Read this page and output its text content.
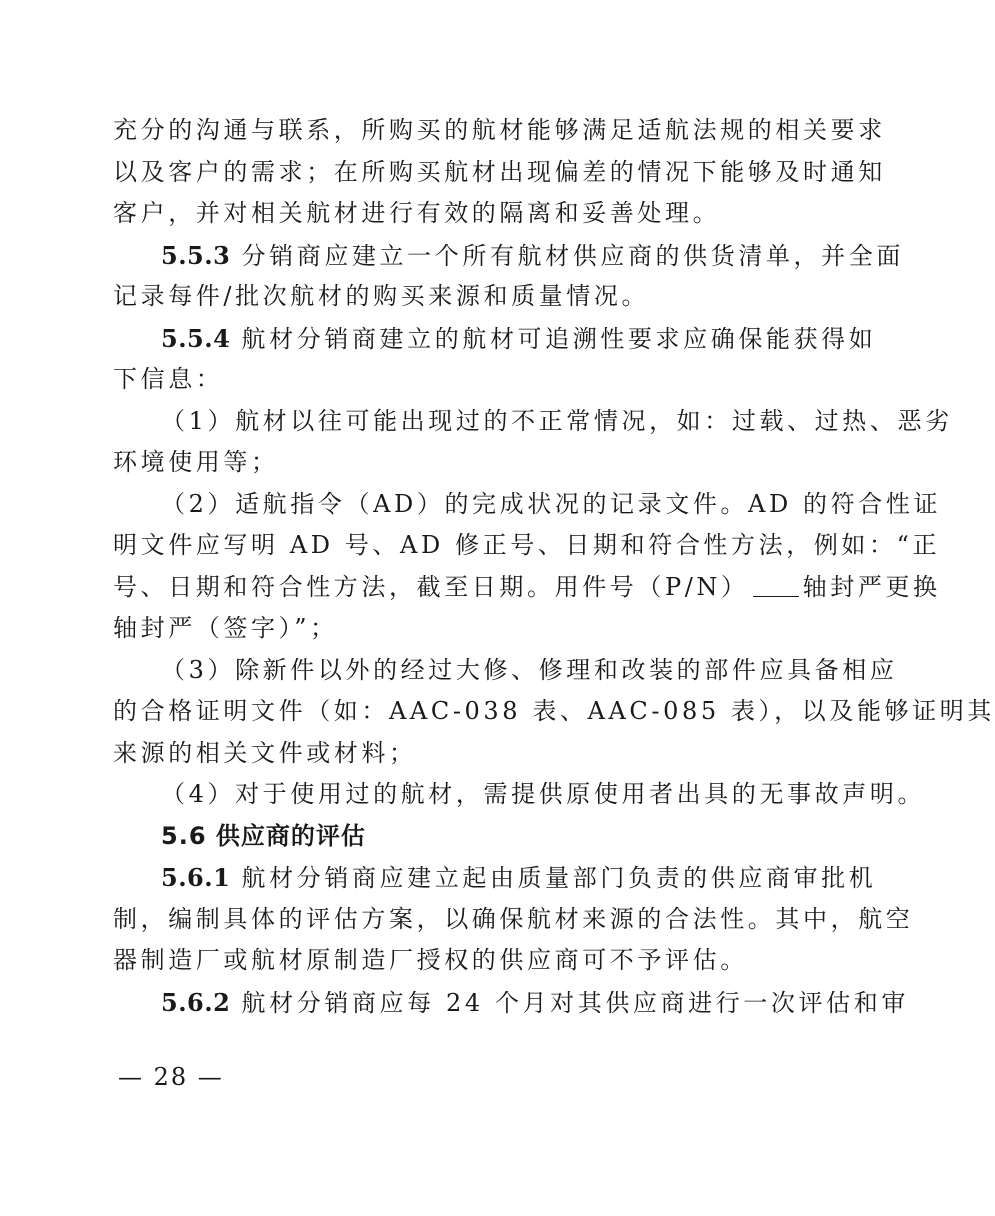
充分的沟通与联系，所购买的航材能够满足适航法规的相关要求
以及客户的需求；在所购买航材出现偏差的情况下能够及时通知
客户，并对相关航材进行有效的隔离和妥善处理。
5.5.3 分销商应建立一个所有航材供应商的供货清单，并全面
记录每件/批次航材的购买来源和质量情况。
5.5.4 航材分销商建立的航材可追溯性要求应确保能获得如
下信息：
（1）航材以往可能出现过的不正常情况，如：过载、过热、恶劣
环境使用等；
（2）适航指令（AD）的完成状况的记录文件。AD 的符合性证
明文件应写明 AD 号、AD 修正号、日期和符合性方法，例如：“正
号、日期和符合性方法，截至日期。用件号（P/N） 轴封严更换
轴封严（签字）”；
（3）除新件以外的经过大修、修理和改装的部件应具备相应
的合格证明文件（如：AAC-038 表、AAC-085 表），以及能够证明其
来源的相关文件或材料；
（4）对于使用过的航材，需提供原使用者出具的无事故声明。
5.6 供应商的评估
5.6.1 航材分销商应建立起由质量部门负责的供应商审批机
制，编制具体的评估方案，以确保航材来源的合法性。其中，航空
器制造厂或航材原制造厂授权的供应商可不予评估。
5.6.2 航材分销商应每 24 个月对其供应商进行一次评估和审
— 28 —
